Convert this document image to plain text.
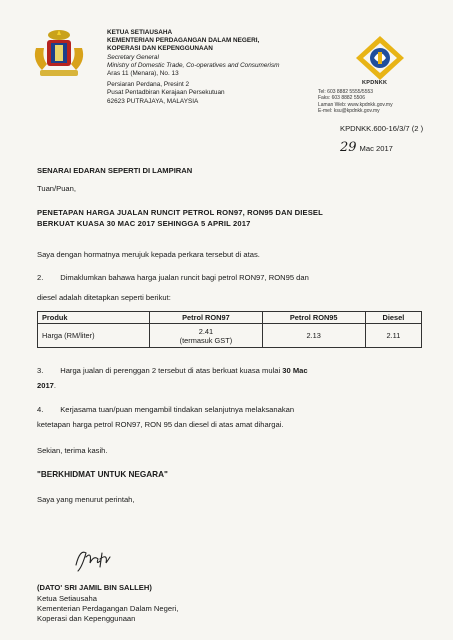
KETUA SETIAUSAHA
KEMENTERIAN PERDAGANGAN DALAM NEGERI,
KOPERASI DAN KEPENGGUNAAN
Secretary General
Ministry of Domestic Trade, Co-operatives and Consumerism
Aras 11 (Menara), No. 13
Persiaran Perdana, Presint 2
Pusat Pentadbiran Kerajaan Persekutuan
62623 PUTRAJAYA, MALAYSIA
KPDNKK
Tel: 603 8882 5555/5553
Faks: 603 8882 5506
Laman Web: www.kpdnkk.gov.my
E-mel: ksu@kpdnkk.gov.my
KPDNKK.600-16/3/7 (2 )
29 Mac 2017
SENARAI EDARAN SEPERTI DI LAMPIRAN
Tuan/Puan,
PENETAPAN HARGA JUALAN RUNCIT PETROL RON97, RON95 DAN DIESEL
BERKUAT KUASA 30 MAC 2017 SEHINGGA 5 APRIL 2017
Saya dengan hormatnya merujuk kepada perkara tersebut di atas.
2.        Dimaklumkan bahawa harga jualan runcit bagi petrol RON97, RON95 dan
diesel adalah ditetapkan seperti berikut:
Produk	Petrol RON97	Petrol RON95	Diesel
Harga (RM/liter)	2.41
(termasuk GST)	2.13	2.11
3.        Harga jualan di perenggan 2 tersebut di atas berkuat kuasa mulai 30 Mac
2017.
4.        Kerjasama tuan/puan mengambil tindakan selanjutnya melaksanakan
ketetapan harga petrol RON97, RON 95 dan diesel di atas amat dihargai.
Sekian, terima kasih.
"BERKHIDMAT UNTUK NEGARA"
Saya yang menurut perintah,
(DATO' SRI JAMIL BIN SALLEH)
Ketua Setiausaha
Kementerian Perdagangan Dalam Negeri,
Koperasi dan Kepenggunaan
